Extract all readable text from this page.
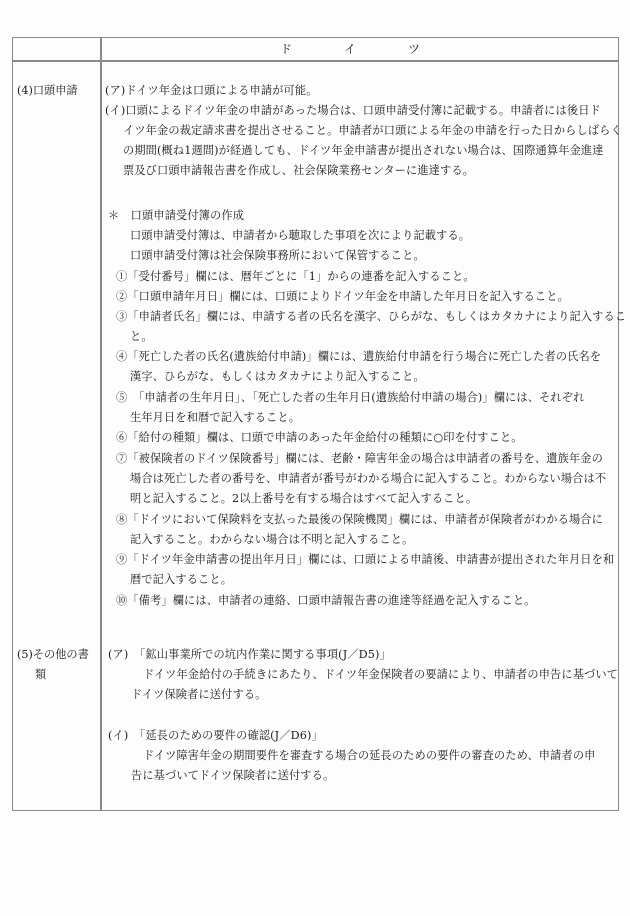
ド　イ　ツ
(4)口頭申請 (ア)ドイツ年金は口頭による申請が可能。
(イ)口頭によるドイツ年金の申請があった場合は、口頭申請受付簿に記載する。申請者には後日ド
イツ年金の裁定請求書を提出させること。申請者が口頭による年金の申請を行った日からしばらく
の期間(概ね1週間)が経過しても、ドイツ年金申請書が提出されない場合は、国際通算年金進達
票及び口頭申請報告書を作成し、社会保険業務センターに進達する。
＊　口頭申請受付簿の作成
口頭申請受付簿は、申請者から聴取した事項を次により記載する。
口頭申請受付簿は社会保険事務所において保管すること。
①「受付番号」欄には、暦年ごとに「1」からの連番を記入すること。
②「口頭申請年月日」欄には、口頭によりドイツ年金を申請した年月日を記入すること。
③「申請者氏名」欄には、申請する者の氏名を漢字、ひらがな、もしくはカタカナにより記入するこ
と。
④「死亡した者の氏名(遺族給付申請)」欄には、遺族給付申請を行う場合に死亡した者の氏名を
漢字、ひらがな、もしくはカタカナにより記入すること。
⑤　「申請者の生年月日」、「死亡した者の生年月日(遺族給付申請の場合)」欄には、それぞれ
生年月日を和暦で記入すること。
⑥「給付の種類」欄は、口頭で申請のあった年金給付の種類に○印を付すこと。
⑦「被保険者のドイツ保険番号」欄には、老齢・障害年金の場合は申請者の番号を、遺族年金の
場合は死亡した者の番号を、申請者が番号がわかる場合に記入すること。わからない場合は不
明と記入すること。2以上番号を有する場合はすべて記入すること。
⑧「ドイツにおいて保険料を支払った最後の保険機関」欄には、申請者が保険者がわかる場合に
記入すること。わからない場合は不明と記入すること。
⑨「ドイツ年金申請書の提出年月日」欄には、口頭による申請後、申請書が提出された年月日を和
暦で記入すること。
⑩「備考」欄には、申請者の連絡、口頭申請報告書の進達等経過を記入すること。
(5)その他の書
類
(ア)　「鉱山事業所での坑内作業に関する事項(J／D5)」
ドイツ年金給付の手続きにあたり、ドイツ年金保険者の要請により、申請者の申告に基づいて
ドイツ保険者に送付する。
(イ)　「延長のための要件の確認(J／D6)」
ドイツ障害年金の期間要件を審査する場合の延長のための要件の審査のため、申請者の申
告に基づいてドイツ保険者に送付する。
